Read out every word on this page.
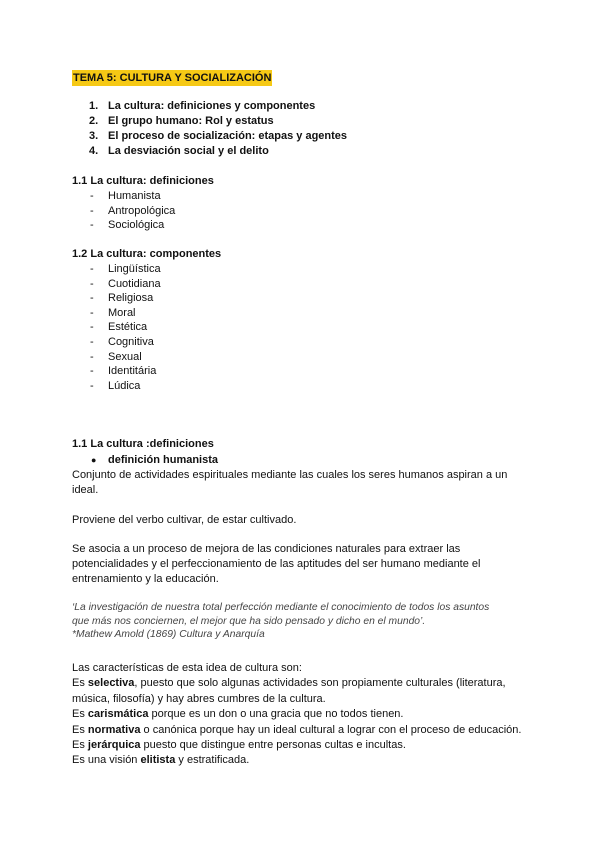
TEMA 5: CULTURA Y SOCIALIZACIÓN
1. La cultura: definiciones y componentes
2. El grupo humano: Rol y estatus
3. El proceso de socialización: etapas y agentes
4. La desviación social y el delito
1.1 La cultura: definiciones
- Humanista
- Antropológica
- Sociológica
1.2 La cultura: componentes
- Lingüística
- Cuotidiana
- Religiosa
- Moral
- Estética
- Cognitiva
- Sexual
- Identitária
- Lúdica
1.1 La cultura :definiciones
● definición humanista
Conjunto de actividades espirituales mediante las cuales los seres humanos aspiran a un
ideal.
Proviene del verbo cultivar, de estar cultivado.
Se asocia a un proceso de mejora de las condiciones naturales para extraer las
potencialidades y el perfeccionamiento de las aptitudes del ser humano mediante el
entrenamiento y la educación.
‘La investigación de nuestra total perfección mediante el conocimiento de todos los asuntos
que más nos conciernen, el mejor que ha sido pensado y dicho en el mundo’.
*Mathew Amold (1869) Cultura y Anarquía
Las características de esta idea de cultura son:
Es selectiva, puesto que solo algunas actividades son propiamente culturales (literatura,
música, filosofía) y hay abres cumbres de la cultura.
Es carismática porque es un don o una gracia que no todos tienen.
Es normativa o canónica porque hay un ideal cultural a lograr con el proceso de educación.
Es jerárquica puesto que distingue entre personas cultas e incultas.
Es una visión elitista y estratificada.
